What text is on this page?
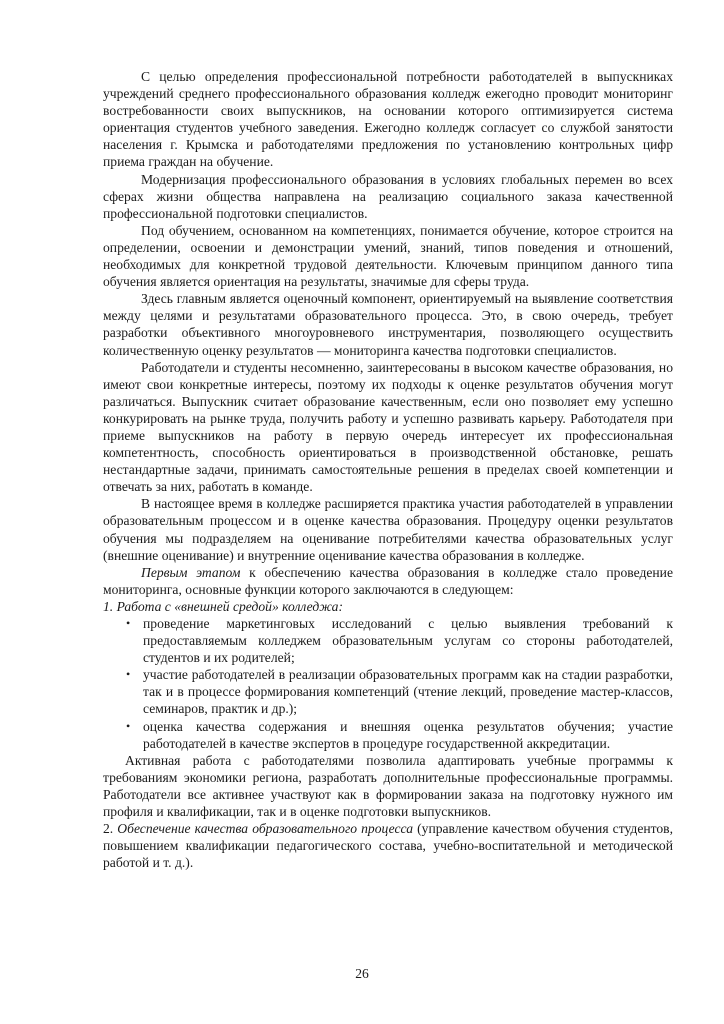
С целью определения профессиональной потребности работодателей в выпускниках учреждений среднего профессионального образования колледж ежегодно проводит мониторинг востребованности своих выпускников, на основании которого оптимизируется система ориентация студентов учебного заведения. Ежегодно колледж согласует со службой занятости населения г. Крымска и работодателями предложения по установлению контрольных цифр приема граждан на обучение.

Модернизация профессионального образования в условиях глобальных перемен во всех сферах жизни общества направлена на реализацию социального заказа качественной профессиональной подготовки специалистов.

Под обучением, основанном на компетенциях, понимается обучение, которое строится на определении, освоении и демонстрации умений, знаний, типов поведения и отношений, необходимых для конкретной трудовой деятельности. Ключевым принципом данного типа обучения является ориентация на результаты, значимые для сферы труда.

Здесь главным является оценочный компонент, ориентируемый на выявление соответствия между целями и результатами образовательного процесса. Это, в свою очередь, требует разработки объективного многоуровневого инструментария, позволяющего осуществить количественную оценку результатов — мониторинга качества подготовки специалистов.

Работодатели и студенты несомненно, заинтересованы в высоком качестве образования, но имеют свои конкретные интересы, поэтому их подходы к оценке результатов обучения могут различаться. Выпускник считает образование качественным, если оно позволяет ему успешно конкурировать на рынке труда, получить работу и успешно развивать карьеру. Работодателя при приеме выпускников на работу в первую очередь интересует их профессиональная компетентность, способность ориентироваться в производственной обстановке, решать нестандартные задачи, принимать самостоятельные решения в пределах своей компетенции и отвечать за них, работать в команде.

В настоящее время в колледже расширяется практика участия работодателей в управлении образовательным процессом и в оценке качества образования. Процедуру оценки результатов обучения мы подразделяем на оценивание потребителями качества образовательных услуг (внешние оценивание) и внутренние оценивание качества образования в колледже.

Первым этапом к обеспечению качества образования в колледже стало проведение мониторинга, основные функции которого заключаются в следующем:

1. Работа с «внешней средой» колледжа:

• проведение маркетинговых исследований с целью выявления требований к предоставляемым колледжем образовательным услугам со стороны работодателей, студентов и их родителей;
• участие работодателей в реализации образовательных программ как на стадии разработки, так и в процессе формирования компетенций (чтение лекций, проведение мастер-классов, семинаров, практик и др.);
• оценка качества содержания и внешняя оценка результатов обучения; участие работодателей в качестве экспертов в процедуре государственной аккредитации.

Активная работа с работодателями позволила адаптировать учебные программы к требованиям экономики региона, разработать дополнительные профессиональные программы. Работодатели все активнее участвуют как в формировании заказа на подготовку нужного им профиля и квалификации, так и в оценке подготовки выпускников.

2. Обеспечение качества образовательного процесса (управление качеством обучения студентов, повышением квалификации педагогического состава, учебно-воспитательной и методической работой и т. д.).

26
